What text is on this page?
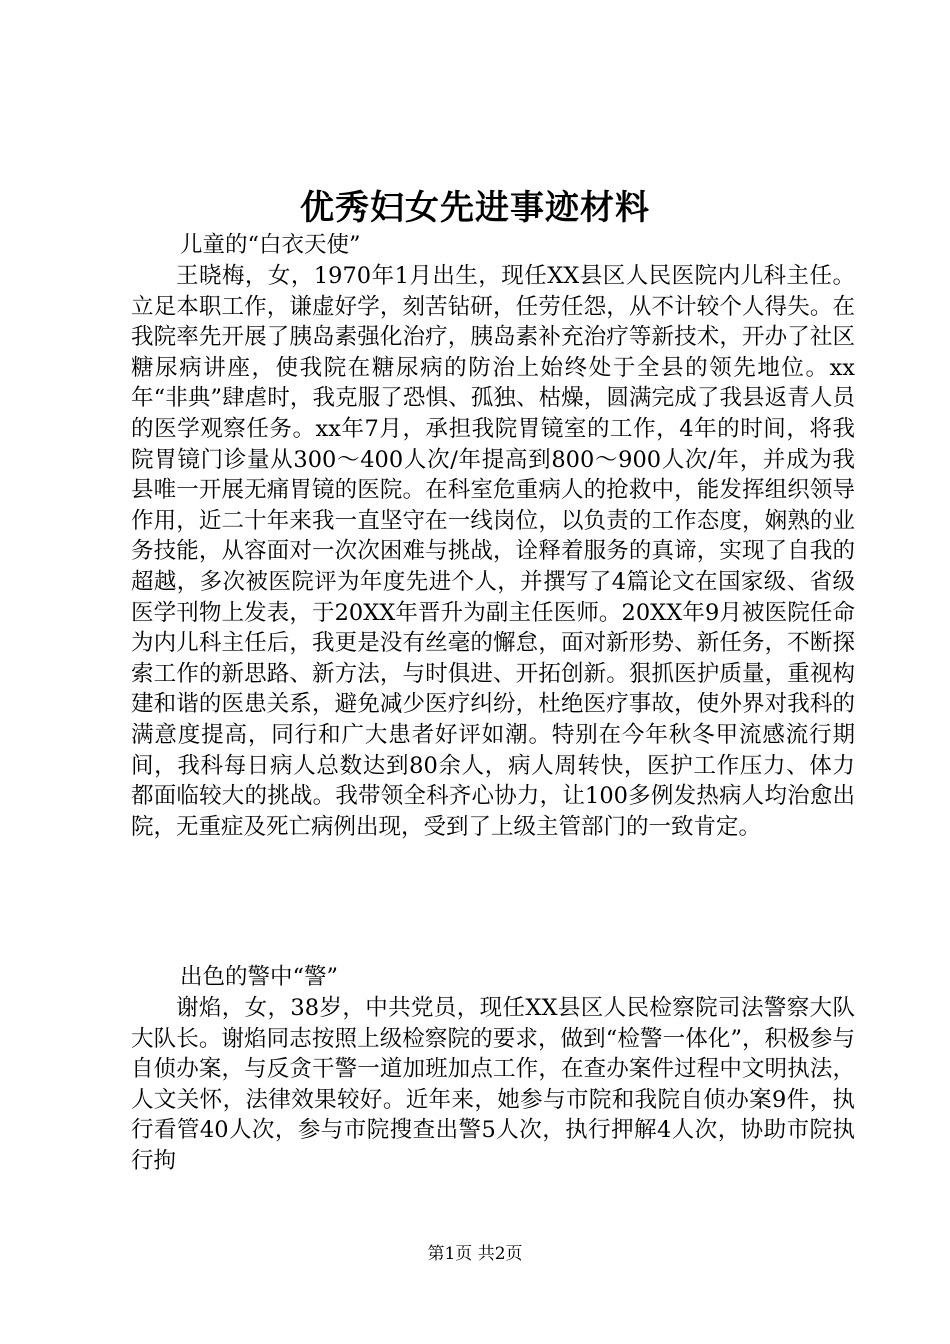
优秀妇女先进事迹材料
儿童的“白衣天使”

王晓梅，女，1970年1月出生，现任XX县区人民医院内儿科主任。立足本职工作，谦虚好学，刻苦钻研，任劳任怨，从不计较个人得失。在我院率先开展了胰岛素强化治疗，胰岛素补充治疗等新技术，开办了社区糖尿病讲座，使我院在糖尿病的防治上始终处于全县的领先地位。xx年“非典”肆虐时，我克服了恐惧、孤独、枯燥，圆满完成了我县返青人员的医学观察任务。xx年7月，承担我院胃镜室的工作，4年的时间，将我院胃镜门诊量从300～400人次/年提高到800～900人次/年，并成为我县唯一开展无痛胃镜的医院。在科室危重病人的抢救中，能发挥组织领导作用，近二十年来我一直坚守在一线岗位，以负责的工作态度，娴熟的业务技能，从容面对一次次困难与挑战，诠释着服务的真谛，实现了自我的超越，多次被医院评为年度先进个人，并撰写了4篇论文在国家级、省级医学刊物上发表，于20XX年晋升为副主任医师。20XX年9月被医院任命为内儿科主任后，我更是没有丝毫的懈怠，面对新形势、新任务，不断探索工作的新思路、新方法，与时俱进、开拓创新。狠抓医护质量，重视构建和谐的医患关系，避免减少医疗纠纷，杜绝医疗事故，使外界对我科的满意度提高，同行和广大患者好评如潮。特别在今年秋冬甲流感流行期间，我科每日病人总数达到80余人，病人周转快，医护工作压力、体力都面临较大的挑战。我带领全科齐心协力，让100多例发热病人均治愈出院，无重症及死亡病例出现，受到了上级主管部门的一致肯定。

出色的警中“警”

谢焰，女，38岁，中共党员，现任XX县区人民检察院司法警察大队大队长。谢焰同志按照上级检察院的要求，做到“检警一体化”，积极参与自侦办案，与反贪干警一道加班加点工作，在查办案件过程中文明执法，人文关怀，法律效果较好。近年来，她参与市院和我院自侦办案9件，执行看管40人次，参与市院搜查出警5人次，执行押解4人次，协助市院执行拘

第1页 共2页
